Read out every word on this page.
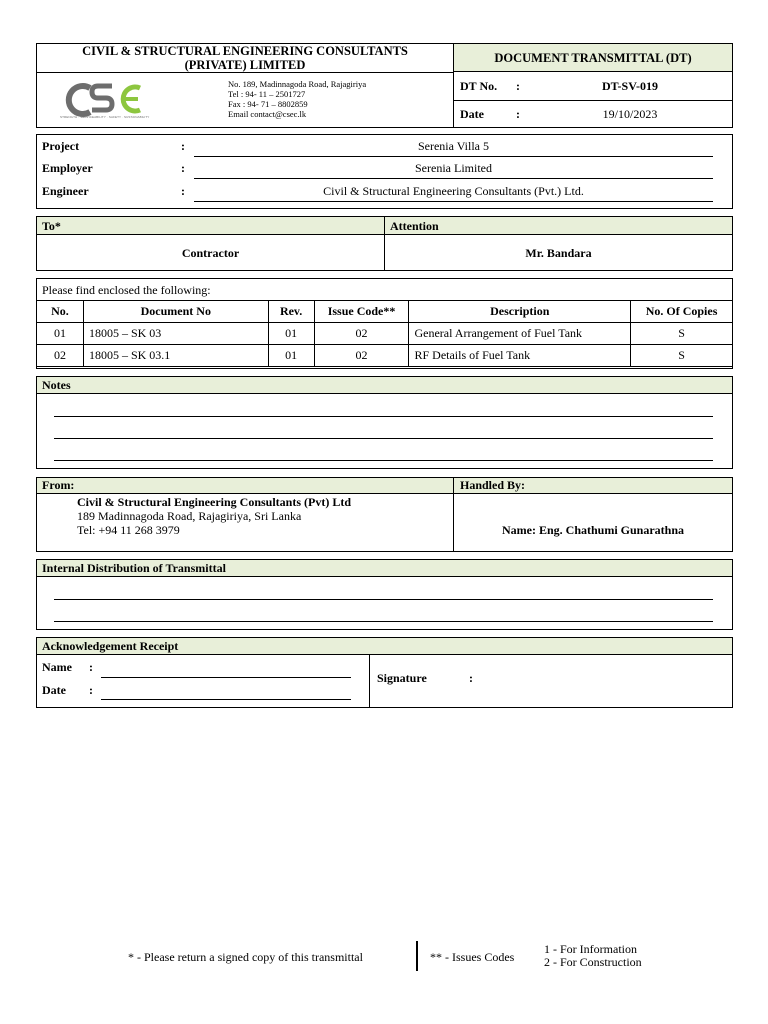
CIVIL & STRUCTURAL ENGINEERING CONSULTANTS
(PRIVATE) LIMITED
STRENGTH · SERVICEABILITY · SAFETY · SUSTAINABILITY
No. 189, Madinnagoda Road, Rajagiriya
Tel : 94- 11 – 2501727
Fax : 94- 71 – 8802859
Email contact@csec.lk
DOCUMENT TRANSMITTAL (DT)
DT No. :	DT-SV-019
Date	:	19/10/2023
Project	:	Serenia Villa 5
Employer	:	Serenia Limited
Engineer	:	Civil & Structural Engineering Consultants (Pvt.) Ltd.
To*	Attention
Contractor	Mr. Bandara
Please find enclosed the following:
No.	Document No	Rev.	Issue Code**	Description	No. Of Copies
01	18005 – SK 03	01	02	General Arrangement of Fuel Tank	S
02	18005 – SK 03.1	01	02	RF Details of Fuel Tank	S
Notes
From:	Handled By:
Civil & Structural Engineering Consultants (Pvt) Ltd
189 Madinnagoda Road, Rajagiriya, Sri Lanka
Tel: +94 11 268 3979	Name: Eng. Chathumi Gunarathna
Internal Distribution of Transmittal
Acknowledgement Receipt
Name :
Date :
Signature	:
* - Please return a signed copy of this transmittal	** - Issues Codes
1 - For Information
2 - For Construction
